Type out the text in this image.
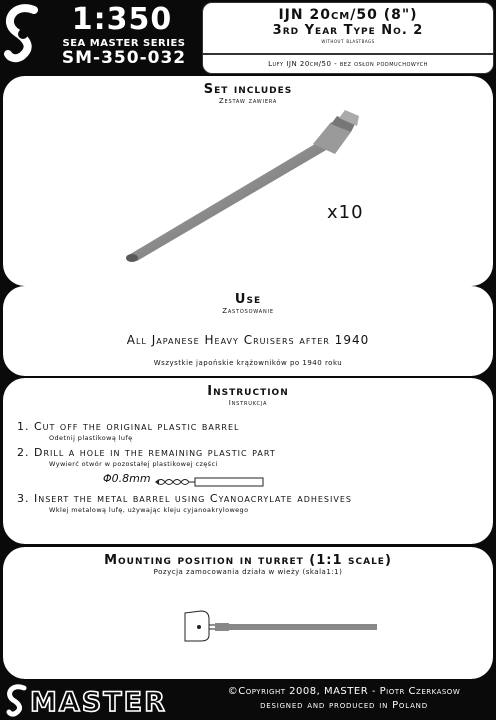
1:350
SEA MASTER SERIES
SM-350-032
IJN 20cm/50 (8")
3rd Year Type No. 2
without blastbags
Lufy IJN 20cm/50 - bez osłon podmuchowych
Set includes
Zestaw zawiera
x10
Use
Zastosowanie
All Japanese Heavy Cruisers after 1940
Wszystkie japońskie krążowników po 1940 roku
Instruction
Instrukcja
1. Cut off the original plastic barrel
Odetnij plastikową lufę
2. Drill a hole in the remaining plastic part
Wywierć otwór w pozostałej plastikowej części
Φ0.8mm
3. Insert the metal barrel using Cyanoacrylate adhesives
Wklej metalową lufę, używając kleju cyjanoakrylowego
Mounting position in turret (1:1 scale)
Pozycja zamocowania działa w wieży (skala1:1)
MASTER	©Copyright 2008, MASTER - Piotr Czerkasow
designed and produced in Poland
